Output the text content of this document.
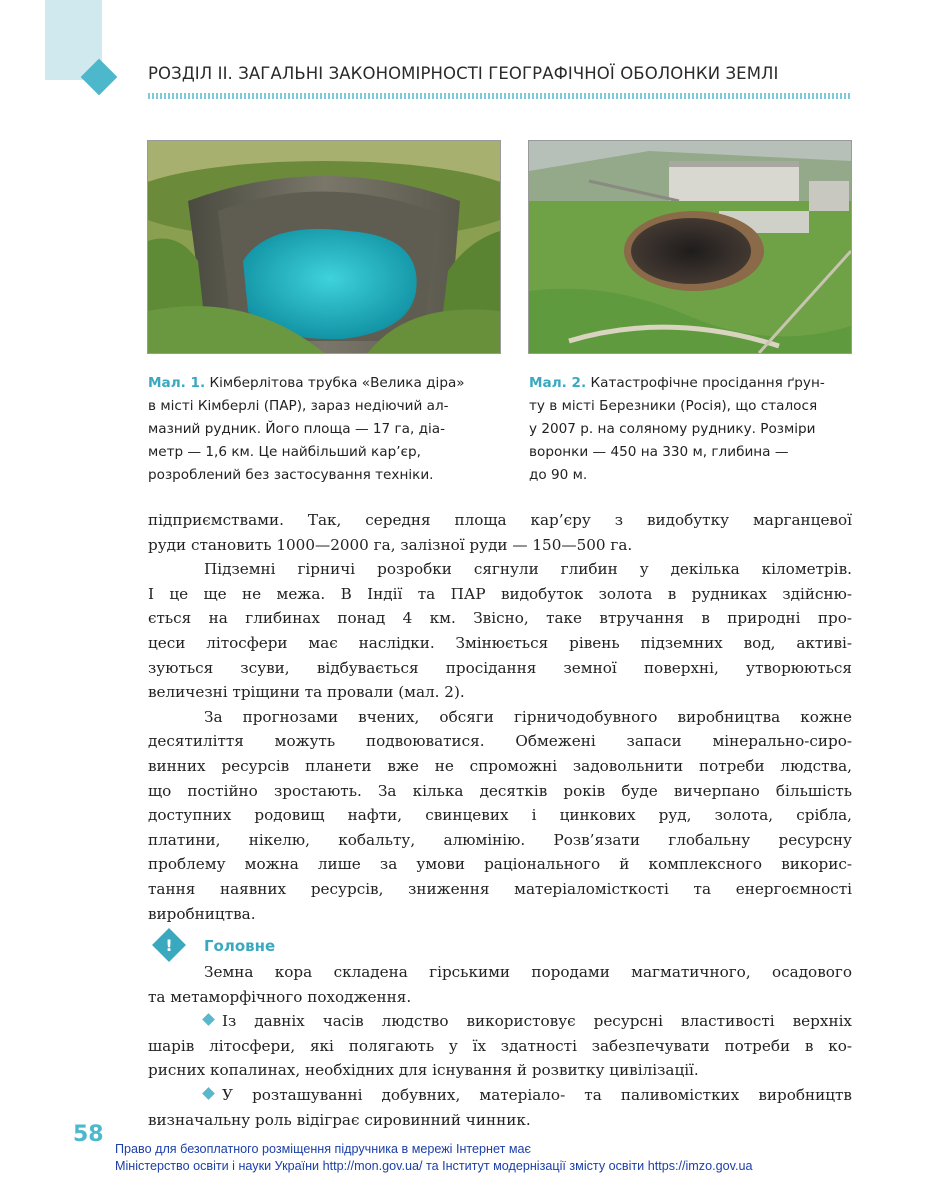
РОЗДІЛ ІІ. ЗАГАЛЬНІ ЗАКОНОМІРНОСТІ ГЕОГРАФІЧНОЇ ОБОЛОНКИ ЗЕМЛІ
Мал. 1. Кімберлітова трубка «Велика діра»
в місті Кімберлі (ПАР), зараз недіючий ал-
мазний рудник. Його площа — 17 га, діа-
метр — 1,6 км. Це найбільший кар’єр,
розроблений без застосування техніки.
Мал. 2. Катастрофічне просідання ґрун-
ту в місті Березники (Росія), що сталося
у 2007 р. на соляному руднику. Розміри
воронки — 450 на 330 м, глибина —
до 90 м.
підприємствами. Так, середня площа кар’єру з видобутку марганцевої
руди становить 1000—2000 га, залізної руди — 150—500 га.
Підземні гірничі розробки сягнули глибин у декілька кілометрів.
І це ще не межа. В Індії та ПАР видобуток золота в рудниках здійсню-
ється на глибинах понад 4 км. Звісно, таке втручання в природні про-
цеси літосфери має наслідки. Змінюється рівень підземних вод, активі-
зуються зсуви, відбувається просідання земної поверхні, утворюються
величезні тріщини та провали (мал. 2).
За прогнозами вчених, обсяги гірничодобувного виробництва кожне
десятиліття можуть подвоюватися. Обмежені запаси мінерально-сиро-
винних ресурсів планети вже не спроможні задовольнити потреби людства,
що постійно зростають. За кілька десятків років буде вичерпано більшість
доступних родовищ нафти, свинцевих і цинкових руд, золота, срібла,
платини, нікелю, кобальту, алюмінію. Розв’язати глобальну ресурсну
проблему можна лише за умови раціонального й комплексного викорис-
тання наявних ресурсів, зниження матеріаломісткості та енергоємності
виробництва.
! Головне
Земна кора складена гірськими породами магматичного, осадового
та метаморфічного походження.
Із давніх часів людство використовує ресурсні властивості верхніх
шарів літосфери, які полягають у їх здатності забезпечувати потреби в ко-
рисних копалинах, необхідних для існування й розвитку цивілізації.
У розташуванні добувних, матеріало- та паливомістких виробництв
визначальну роль відіграє сировинний чинник.
58
Право для безоплатного розміщення підручника в мережі Інтернет має
Міністерство освіти і науки України http://mon.gov.ua/ та Інститут модернізації змісту освіти https://imzo.gov.ua
